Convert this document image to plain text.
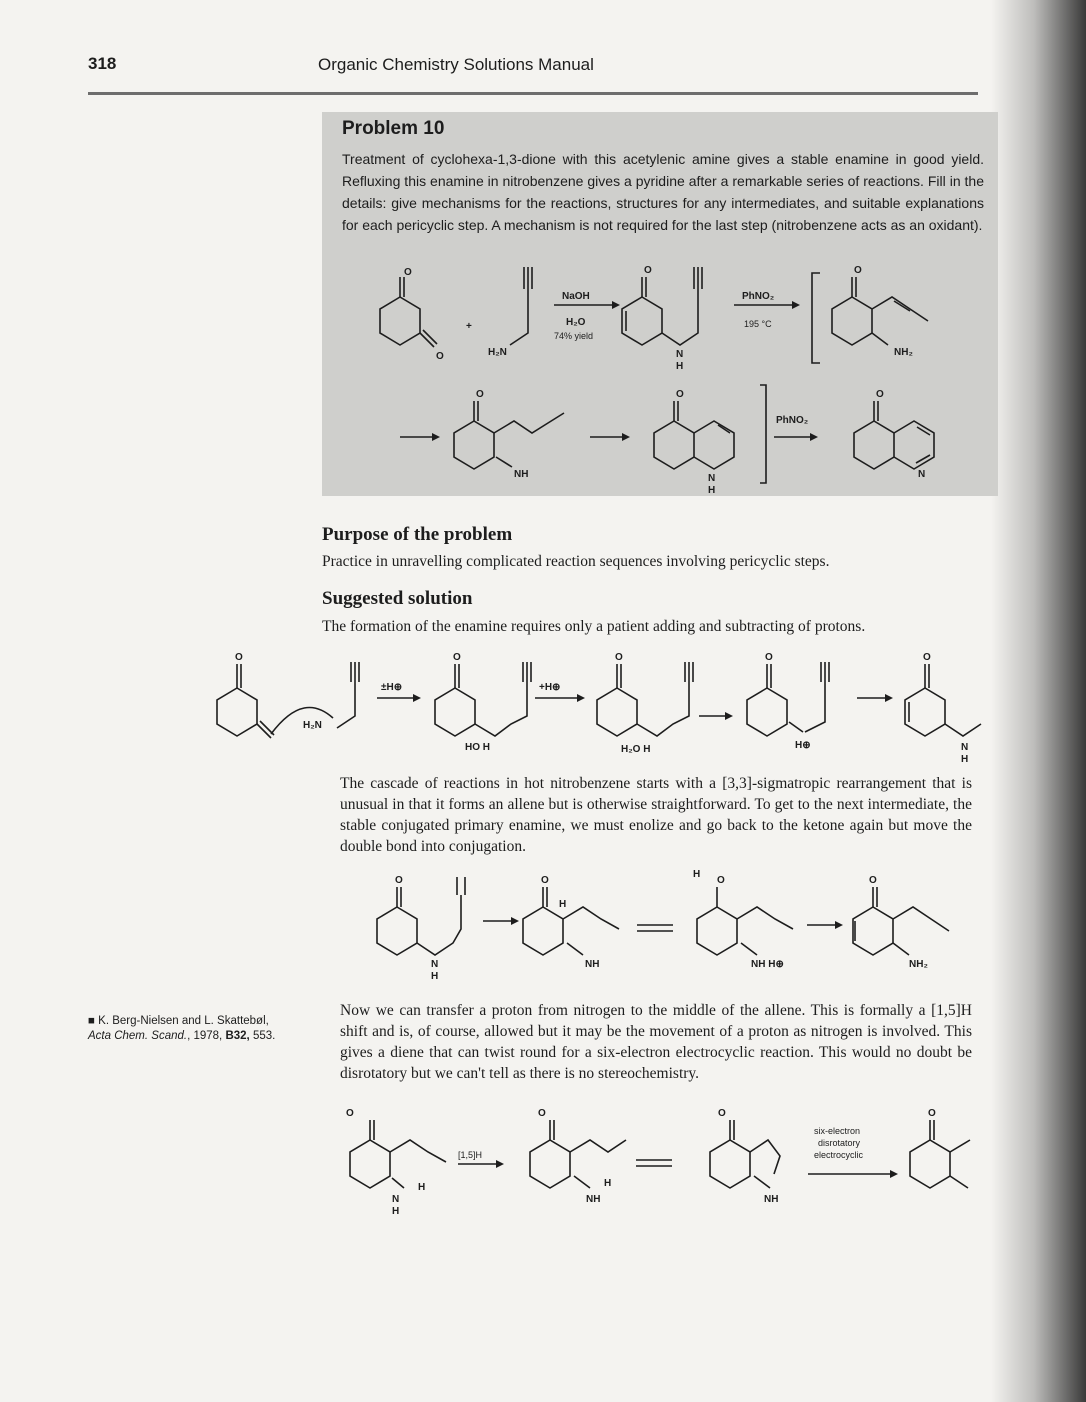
318	Organic Chemistry Solutions Manual
Problem 10

Treatment of cyclohexa-1,3-dione with this acetylenic amine gives a stable enamine in good yield. Refluxing this enamine in nitrobenzene gives a pyridine after a remarkable series of reactions. Fill in the details: give mechanisms for the reactions, structures for any intermediates, and suitable explanations for each pericyclic step. A mechanism is not required for the last step (nitrobenzene acts as an oxidant).

O
O
+
H₂N
NaOH
H₂O
74% yield
O
N
H
PhNO₂
195 °C
O
NH₂
O
NH
O
N
H
PhNO₂
O
N
Purpose of the problem

Practice in unravelling complicated reaction sequences involving pericyclic steps.

Suggested solution

The formation of the enamine requires only a patient adding and subtracting of protons.

O
H₂N
±H⊕
O
HO H
+H⊕
O
H₂O H
O
H⊕
O
N
H

The cascade of reactions in hot nitrobenzene starts with a [3,3]-sigmatropic rearrangement that is unusual in that it forms an allene but is otherwise straightforward. To get to the next intermediate, the stable conjugated primary enamine, we must enolize and go back to the ketone again but move the double bond into conjugation.

O
N
H
O
H
NH
H
O
NH H⊕
O
NH₂

■ K. Berg-Nielsen and L. Skattebøl, Acta Chem. Scand., 1978, B32, 553.

Now we can transfer a proton from nitrogen to the middle of the allene. This is formally a [1,5]H shift and is, of course, allowed but it may be the movement of a proton as nitrogen is involved. This gives a diene that can twist round for a six-electron electrocyclic reaction. This would no doubt be disrotatory but we can't tell as there is no stereochemistry.

O
N
H
H
[1,5]H
O
H
NH
O
NH
six-electron
disrotatory
electrocyclic
O
